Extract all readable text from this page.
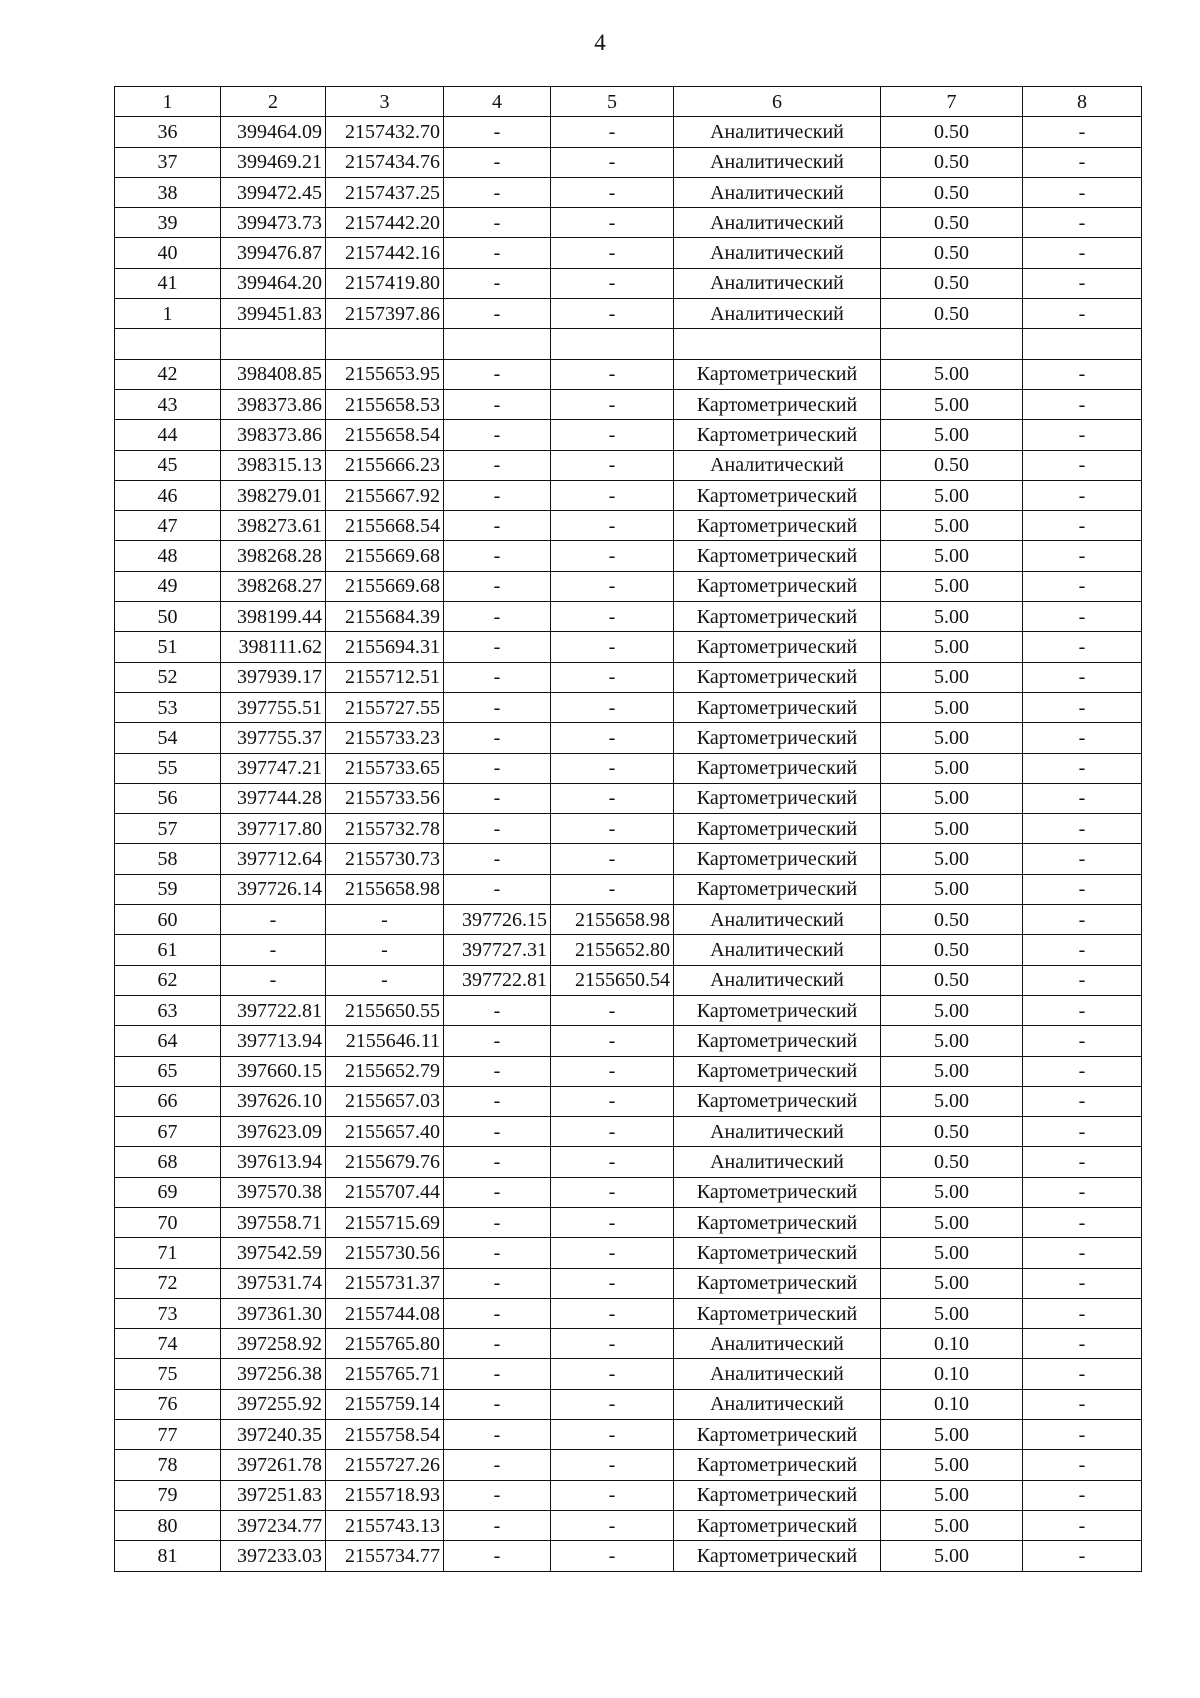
4
1	2	3	4	5	6	7	8
36	399464.09	2157432.70	-	-	Аналитический	0.50	-
37	399469.21	2157434.76	-	-	Аналитический	0.50	-
38	399472.45	2157437.25	-	-	Аналитический	0.50	-
39	399473.73	2157442.20	-	-	Аналитический	0.50	-
40	399476.87	2157442.16	-	-	Аналитический	0.50	-
41	399464.20	2157419.80	-	-	Аналитический	0.50	-
1	399451.83	2157397.86	-	-	Аналитический	0.50	-

42	398408.85	2155653.95	-	-	Картометрический	5.00	-
43	398373.86	2155658.53	-	-	Картометрический	5.00	-
44	398373.86	2155658.54	-	-	Картометрический	5.00	-
45	398315.13	2155666.23	-	-	Аналитический	0.50	-
46	398279.01	2155667.92	-	-	Картометрический	5.00	-
47	398273.61	2155668.54	-	-	Картометрический	5.00	-
48	398268.28	2155669.68	-	-	Картометрический	5.00	-
49	398268.27	2155669.68	-	-	Картометрический	5.00	-
50	398199.44	2155684.39	-	-	Картометрический	5.00	-
51	398111.62	2155694.31	-	-	Картометрический	5.00	-
52	397939.17	2155712.51	-	-	Картометрический	5.00	-
53	397755.51	2155727.55	-	-	Картометрический	5.00	-
54	397755.37	2155733.23	-	-	Картометрический	5.00	-
55	397747.21	2155733.65	-	-	Картометрический	5.00	-
56	397744.28	2155733.56	-	-	Картометрический	5.00	-
57	397717.80	2155732.78	-	-	Картометрический	5.00	-
58	397712.64	2155730.73	-	-	Картометрический	5.00	-
59	397726.14	2155658.98	-	-	Картометрический	5.00	-
60	-	-	397726.15	2155658.98	Аналитический	0.50	-
61	-	-	397727.31	2155652.80	Аналитический	0.50	-
62	-	-	397722.81	2155650.54	Аналитический	0.50	-
63	397722.81	2155650.55	-	-	Картометрический	5.00	-
64	397713.94	2155646.11	-	-	Картометрический	5.00	-
65	397660.15	2155652.79	-	-	Картометрический	5.00	-
66	397626.10	2155657.03	-	-	Картометрический	5.00	-
67	397623.09	2155657.40	-	-	Аналитический	0.50	-
68	397613.94	2155679.76	-	-	Аналитический	0.50	-
69	397570.38	2155707.44	-	-	Картометрический	5.00	-
70	397558.71	2155715.69	-	-	Картометрический	5.00	-
71	397542.59	2155730.56	-	-	Картометрический	5.00	-
72	397531.74	2155731.37	-	-	Картометрический	5.00	-
73	397361.30	2155744.08	-	-	Картометрический	5.00	-
74	397258.92	2155765.80	-	-	Аналитический	0.10	-
75	397256.38	2155765.71	-	-	Аналитический	0.10	-
76	397255.92	2155759.14	-	-	Аналитический	0.10	-
77	397240.35	2155758.54	-	-	Картометрический	5.00	-
78	397261.78	2155727.26	-	-	Картометрический	5.00	-
79	397251.83	2155718.93	-	-	Картометрический	5.00	-
80	397234.77	2155743.13	-	-	Картометрический	5.00	-
81	397233.03	2155734.77	-	-	Картометрический	5.00	-
